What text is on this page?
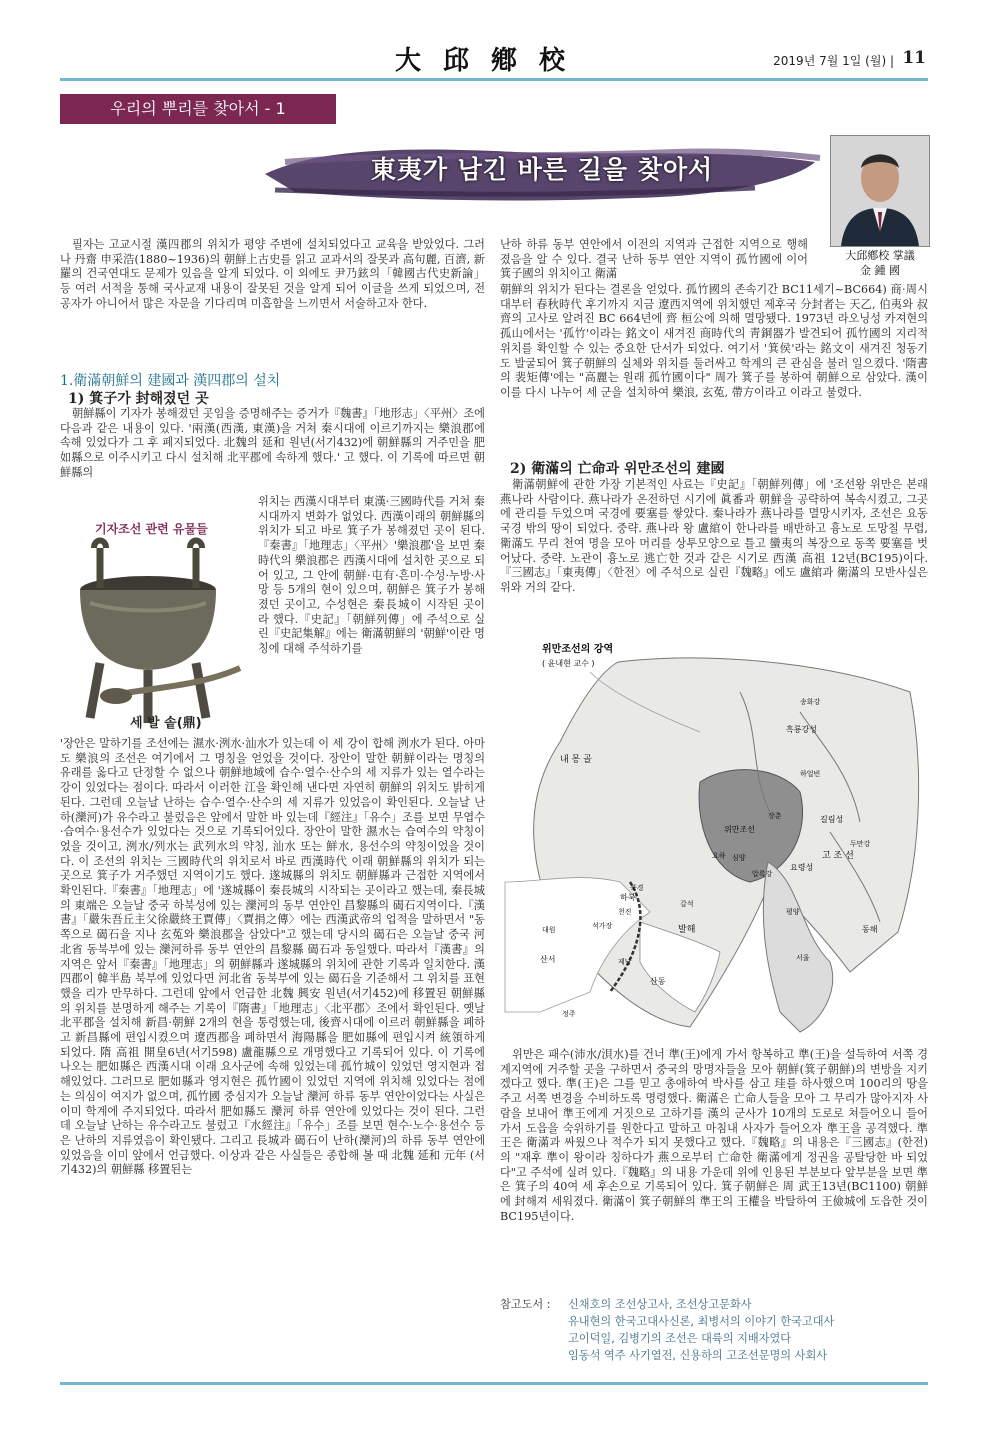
大邱鄕校	2019년 7월 1일 (월) | 11
우리의 뿌리를 찾아서 - 1
東夷가 남긴 바른 길을 찾아서
大邱鄕校 掌議
金 鍾 國

필자는 고교시절 漢四郡의 위치가 평양 주변에 설치되었다고 교육을 받았었다. 그러나 丹齋 申采浩(1880~1936)의 朝鮮上古史를 읽고 교과서의 잘못과 高句麗, 百濟, 新羅의 건국연대도 문제가 있음을 알게 되었다. 이 외에도 尹乃鉉의「韓國古代史新論」등 여러 서적을 통해 국사교재 내용이 잘못된 것을 알게 되어 이글을 쓰게 되었으며, 전공자가 아니어서 많은 자문을 기다리며 미흡함을 느끼면서 서술하고자 한다.

1.衛滿朝鮮의 建國과 漢四郡의 설치
1) 箕子가 封해졌던 곳

朝鮮縣이 기자가 봉해졌던 곳임을 증명해주는 증거가『魏書』「地形志」〈平州〉조에 다음과 같은 내용이 있다. '兩漢(西漢, 東漢)을 거쳐 秦시대에 이르기까지는 樂浪郡에 속해 있었다가 그 후 폐지되었다. 北魏의 延和 원년(서기432)에 朝鮮縣의 거주민을 肥如縣으로 이주시키고 다시 설치해 北平郡에 속하게 했다.' 고 했다. 이 기록에 따르면 朝鮮縣의

기자조선 관련 유물들
세 발 솥(鼎)

위치는 西漢시대부터 東漢·三國時代를 거쳐 秦시대까지 변화가 없었다. 西漢이래의 朝鮮縣의 위치가 되고 바로 箕子가 봉해졌던 곳이 된다.『秦書』「地理志」〈平州〉'樂浪郡'을 보면 秦時代의 樂浪郡은 西漢시대에 설치한 곳으로 되어 있고, 그 안에 朝鮮·屯有·흔미·수성·누방·사망 등 5개의 현이 있으며, 朝鮮은 箕子가 봉해졌던 곳이고, 수성현은 秦長城이 시작된 곳이라 했다.『史記』「朝鮮列傳」에 주석으로 실린『史記集解』에는 衛滿朝鮮의 '朝鮮'이란 명칭에 대해 주석하기를

'장안은 말하기를 조선에는 濕水·洌水·汕水가 있는데 이 세 강이 합해 洌水가 된다. 아마도 樂浪의 조선은 여기에서 그 명칭을 얻었을 것이다. 장안이 말한 朝鮮이라는 명칭의 유래를 옳다고 단정할 수 없으나 朝鮮地域에 습수·열수·산수의 세 지류가 있는 열수라는 강이 있었다는 점이다. 따라서 이러한 江을 확인해 낸다면 자연히 朝鮮의 위치도 밝히게 된다. 그런데 오늘날 난하는 습수·열수·산수의 세 지류가 있었음이 확인된다. 오늘날 난하(灤河)가 유수라고 불렀음은 앞에서 말한 바 있는데『經注』「유수」조를 보면 무엽수·습여수·용선수가 있었다는 것으로 기록되어있다. 장안이 말한 濕水는 습여수의 약칭이었을 것이고, 洌水/列水는 武列水의 약칭, 汕水 또는 鮮水, 용선수의 약칭이었을 것이다. 이 조선의 위치는 三國時代의 위치로서 바로 西漢時代 이래 朝鮮縣의 위치가 되는 곳으로 箕子가 거주했던 지역이기도 했다. 遂城縣의 위치도 朝鮮縣과 근접한 지역에서 확인된다.『秦書』「地理志」에 '遂城縣이 秦長城의 시작되는 곳이라고 했는데, 秦長城의 東端은 오늘날 중국 하북성에 있는 灤河의 동부 연안인 昌黎縣의 碣石지역이다.『漢書』「嚴朱吾丘主父徐嚴終王賈傳」〈賈捐之傳〉에는 西漢武帝의 업적을 말하면서 "동쪽으로 碣石을 지나 玄菟와 樂浪郡을 삼았다"고 했는데 당시의 碣石은 오늘날 중국 河北省 동북부에 있는 灤河하류 동부 연안의 昌黎縣 碣石과 동일했다. 따라서『漢書』의 지역은 앞서『秦書』「地理志」의 朝鮮縣과 遂城縣의 위치에 관한 기록과 일치한다. 漢四郡이 韓半島 북부에 있었다면 河北省 동북부에 있는 碣石을 기준해서 그 위치를 표현했을 리가 만무하다. 그런데 앞에서 언급한 北魏 興安 원년(서기452)에 移置된 朝鮮縣의 위치를 분명하게 해주는 기록이『隋書』「地理志」〈北平郡〉조에서 확인된다. 옛날 北平郡을 설치해 新昌·朝鮮 2개의 현을 통령했는데, 後齊시대에 이르러 朝鮮縣을 폐하고 新昌縣에 편입시켰으며 遼西郡을 폐하면서 海陽縣을 肥如縣에 편입시켜 統領하게 되었다. 隋 高祖 開皇6년(서기598) 盧龍縣으로 개명했다고 기록되어 있다. 이 기록에 나오는 肥如縣은 西漢시대 이래 요사군에 속해 있었는데 孤竹城이 있었던 영지현과 접해있었다. 그러므로 肥如縣과 영지현은 孤竹國이 있었던 지역에 위치해 있었다는 점에는 의심이 여지가 없으며, 孤竹國 중심지가 오늘날 灤河 하류 동부 연안이었다는 사실은 이미 학계에 주지되었다. 따라서 肥如縣도 灤河 하류 연안에 있었다는 것이 된다. 그런데 오늘날 난하는 유수라고도 불렀고『水經注』「유수」조를 보면 현수·노수·용선수 등은 난하의 지류였음이 확인됐다. 그리고 長城과 碣石이 난하(灤河)의 하류 동부 연안에 있었음을 이미 앞에서 언급했다. 이상과 같은 사실들은 종합해 볼 때 北魏 延和 元年 (서기432)의 朝鮮縣 移置된는

난하 하류 동부 연안에서 이전의 지역과 근접한 지역으로 행해졌음을 알 수 있다. 결국 난하 동부 연안 지역이 孤竹國에 이어 箕子國의 위치이고 衛滿

朝鮮의 위치가 된다는 결론을 얻었다. 孤竹國의 존속기간 BC11세기~BC664) 商·周시대부터 春秋時代 후기까지 지금 遼西지역에 위치했던 제후국 分封者는 天乙, 伯夷와 叔齊의 고사로 알려진 BC 664년에 齊 桓公에 의해 멸망됐다. 1973년 라오닝성 카져현의 孤山에서는 '孤竹'이라는 銘文이 새겨진 商時代의 靑銅器가 발견되어 孤竹國의 지리적 위치를 확인할 수 있는 중요한 단서가 되었다. 여기서 '箕侯'라는 銘文이 새겨진 청동기도 발굴되어 箕子朝鮮의 실체와 위치를 둘러싸고 학계의 큰 관심을 불러 일으켰다. '隋書의 裴矩傳'에는 "高麗는 원래 孤竹國이다" 周가 箕子를 봉하여 朝鮮으로 삼았다. 漢이 이를 다시 나누어 세 군을 설치하여 樂浪, 玄菟, 帶方이라고 이라고 불렸다.

2) 衛滿의 亡命과 위만조선의 建國

衛滿朝鮮에 관한 가장 기본적인 사료는『史記』「朝鮮列傳」에 '조선왕 위만은 본래 燕나라 사람이다. 燕나라가 온전하던 시기에 眞番과 朝鮮을 공략하여 복속시켰고, 그곳에 관리를 두었으며 국경에 要塞를 쌓았다. 秦나라가 燕나라를 멸망시키자, 조선은 요동 국경 밖의 땅이 되었다. 중략. 燕나라 왕 盧綰이 한나라를 배반하고 흉노로 도망칠 무렵, 衛滿도 무리 천여 명을 모아 머리를 상투모양으로 틀고 蠻夷의 복장으로 동쪽 要塞를 벗어났다. 중략. 노관이 흉노로 逃亡한 것과 같은 시기로 西漢 高祖 12년(BC195)이다.『三國志』「東夷傳」〈한전〉에 주석으로 실린『魏略』에도 盧綰과 衛滿의 모반사실은 위와 거의 같다.

위만조선의 강역
( 윤내현 교수 )
내 몽 골
위만조선
흑룡강성
길림성
요령성
고 조 선
발해
산서
산동
하북
동해
요하
북경
천진
대원	석가장
정주
제남
심양
장춘
하얼빈
갈석
압록강
두만강
송화강
평양
서울

위만은 패수(沛水/浿水)를 건너 準(王)에게 가서 항복하고 準(王)을 설득하여 서쪽 경계지역에 거주할 곳을 구하면서 중국의 망명자들을 모아 朝鮮(箕子朝鮮)의 변방을 지키겠다고 했다. 準(王)은 그를 믿고 총애하여 박사를 삼고 珪를 하사했으며 100리의 땅을 주고 서쪽 변경을 수비하도록 명령했다. 衛滿은 亡命人들을 모아 그 무리가 많아지자 사람을 보내어 準王에게 거짓으로 고하기를 漢의 군사가 10개의 도로로 쳐들어오니 들어가서 도읍을 숙위하기를 원한다고 말하고 마침내 사자가 들어오자 準王을 공격했다. 準王은 衛滿과 싸웠으나 적수가 되지 못했다고 했다.『魏略』의 내용은『三國志』(한전)의 "재후 準이 왕이라 칭하다가 燕으로부터 亡命한 衛滿에게 정권을 공탈당한 바 되었다"고 주석에 실려 있다.『魏略』의 내용 가운데 위에 인용된 부분보다 앞부분을 보면 準은 箕子의 40여 세 후손으로 기록되어 있다. 箕子朝鮮은 周 武王13년(BC1100) 朝鮮에 封해져 세워졌다. 衛滿이 箕子朝鮮의 準王의 王權을 박탈하여 王儉城에 도읍한 것이 BC195년이다.

참고도서 : 신채호의 조선상고사, 조선상고문화사
유내현의 한국고대사신론, 최병서의 이야기 한국고대사
고이덕일, 김병기의 조선은 대륙의 지배자였다
임동석 역주 사기열전, 신용하의 고조선문명의 사회사
